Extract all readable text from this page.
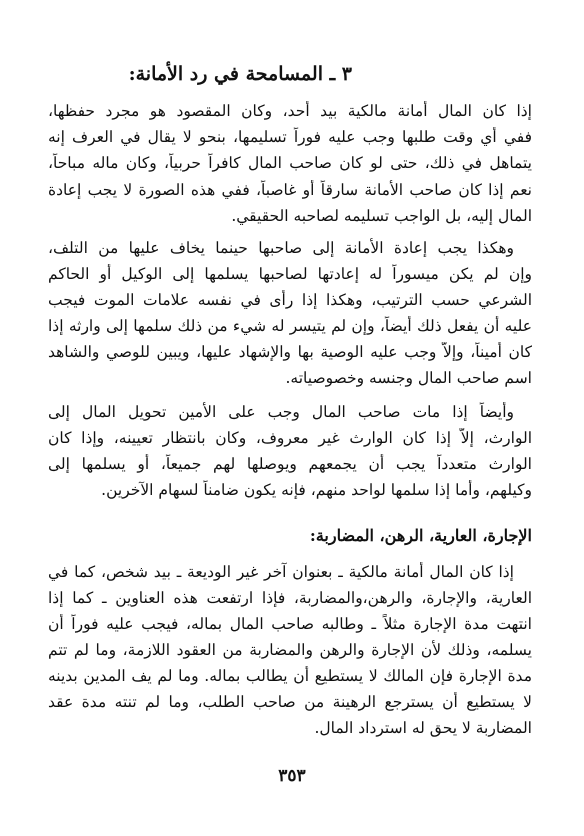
٣ ـ المسامحة في رد الأمانة:
إذا كان المال أمانة مالكية بيد أحد، وكان المقصود هو مجرد حفظها،
ففي أي وقت طلبها وجب عليه فوراً تسليمها، بنحو لا يقال في العرف إنه
يتماهل في ذلك، حتى لو كان صاحب المال كافراً حربياً، وكان ماله مباحاً،
نعم إذا كان صاحب الأمانة سارقاً أو غاصباً، ففي هذه الصورة لا يجب إعادة
المال إليه، بل الواجب تسليمه لصاحبه الحقيقي.
وهكذا يجب إعادة الأمانة إلى صاحبها حينما يخاف عليها من التلف،
وإن لم يكن ميسوراً له إعادتها لصاحبها يسلمها إلى الوكيل أو الحاكم
الشرعي حسب الترتيب، وهكذا إذا رأى في نفسه علامات الموت فيجب
عليه أن يفعل ذلك أيضاً، وإن لم يتيسر له شيء من ذلك سلمها إلى وارثه إذا
كان أميناً، وإلاّ وجب عليه الوصية بها والإشهاد عليها، ويبين للوصي والشاهد
اسم صاحب المال وجنسه وخصوصياته.
وأيضاً إذا مات صاحب المال وجب على الأمين تحويل المال إلى
الوارث، إلاّ إذا كان الوارث غير معروف، وكان بانتظار تعيينه، وإذا كان
الوارث متعدداً يجب أن يجمعهم ويوصلها لهم جميعاً، أو يسلمها إلى
وكيلهم، وأما إذا سلمها لواحد منهم، فإنه يكون ضامناً لسهام الآخرين.
الإجارة، العارية، الرهن، المضاربة:
إذا كان المال أمانة مالكية ـ بعنوان آخر غير الوديعة ـ بيد شخص، كما في
العارية، والإجارة، والرهن،والمضاربة، فإذا ارتفعت هذه العناوين ـ كما إذا
انتهت مدة الإجارة مثلاً ـ وطالبه صاحب المال بماله، فيجب عليه فوراً أن
يسلمه، وذلك لأن الإجارة والرهن والمضاربة من العقود اللازمة، وما لم تتم
مدة الإجارة فإن المالك لا يستطيع أن يطالب بماله. وما لم يف المدين بدينه
لا يستطيع أن يسترجع الرهينة من صاحب الطلب، وما لم تنته مدة عقد
المضاربة لا يحق له استرداد المال.
٣٥٣
